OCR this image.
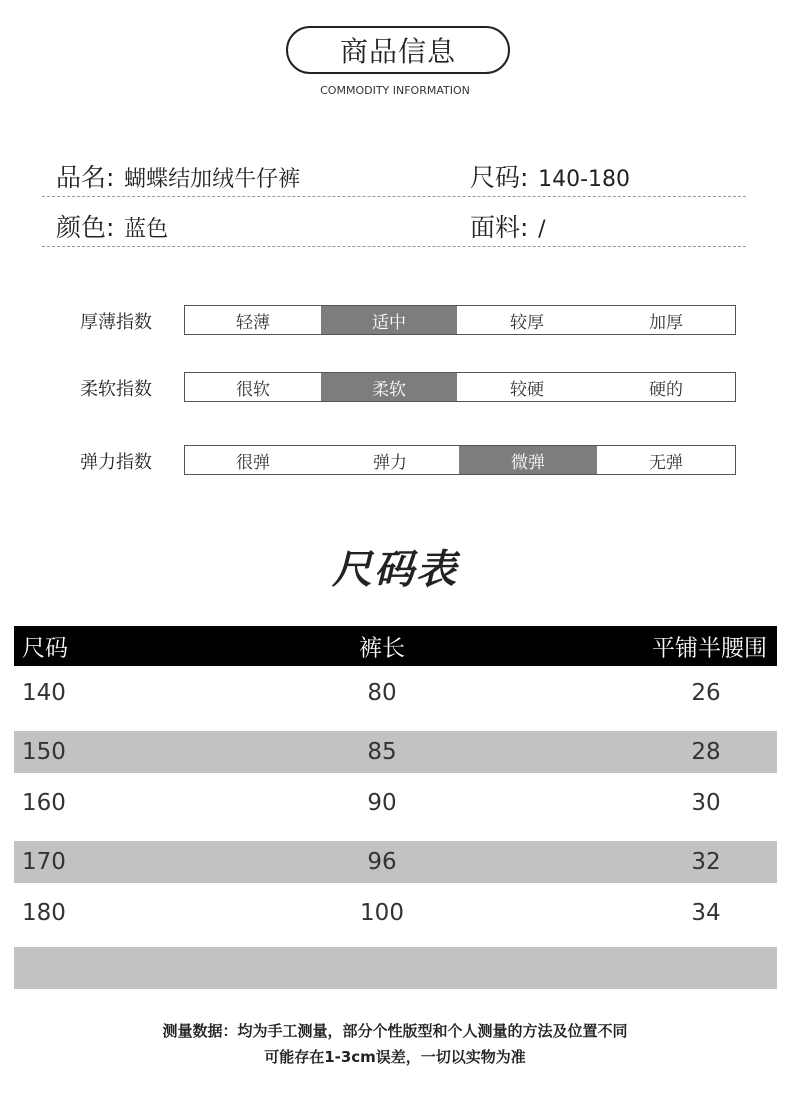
商品信息
COMMODITY INFORMATION
品名: 蝴蝶结加绒牛仔裤	尺码: 140-180
颜色: 蓝色	面料: /
厚薄指数	轻薄	适中	较厚	加厚
柔软指数	很软	柔软	较硬	硬的
弹力指数	很弹	弹力	微弹	无弹
尺码表
尺码	裤长	平铺半腰围
140	80	26
150	85	28
160	90	30
170	96	32
180	100	34
测量数据：均为手工测量，部分个性版型和个人测量的方法及位置不同
可能存在1-3cm误差，一切以实物为准
